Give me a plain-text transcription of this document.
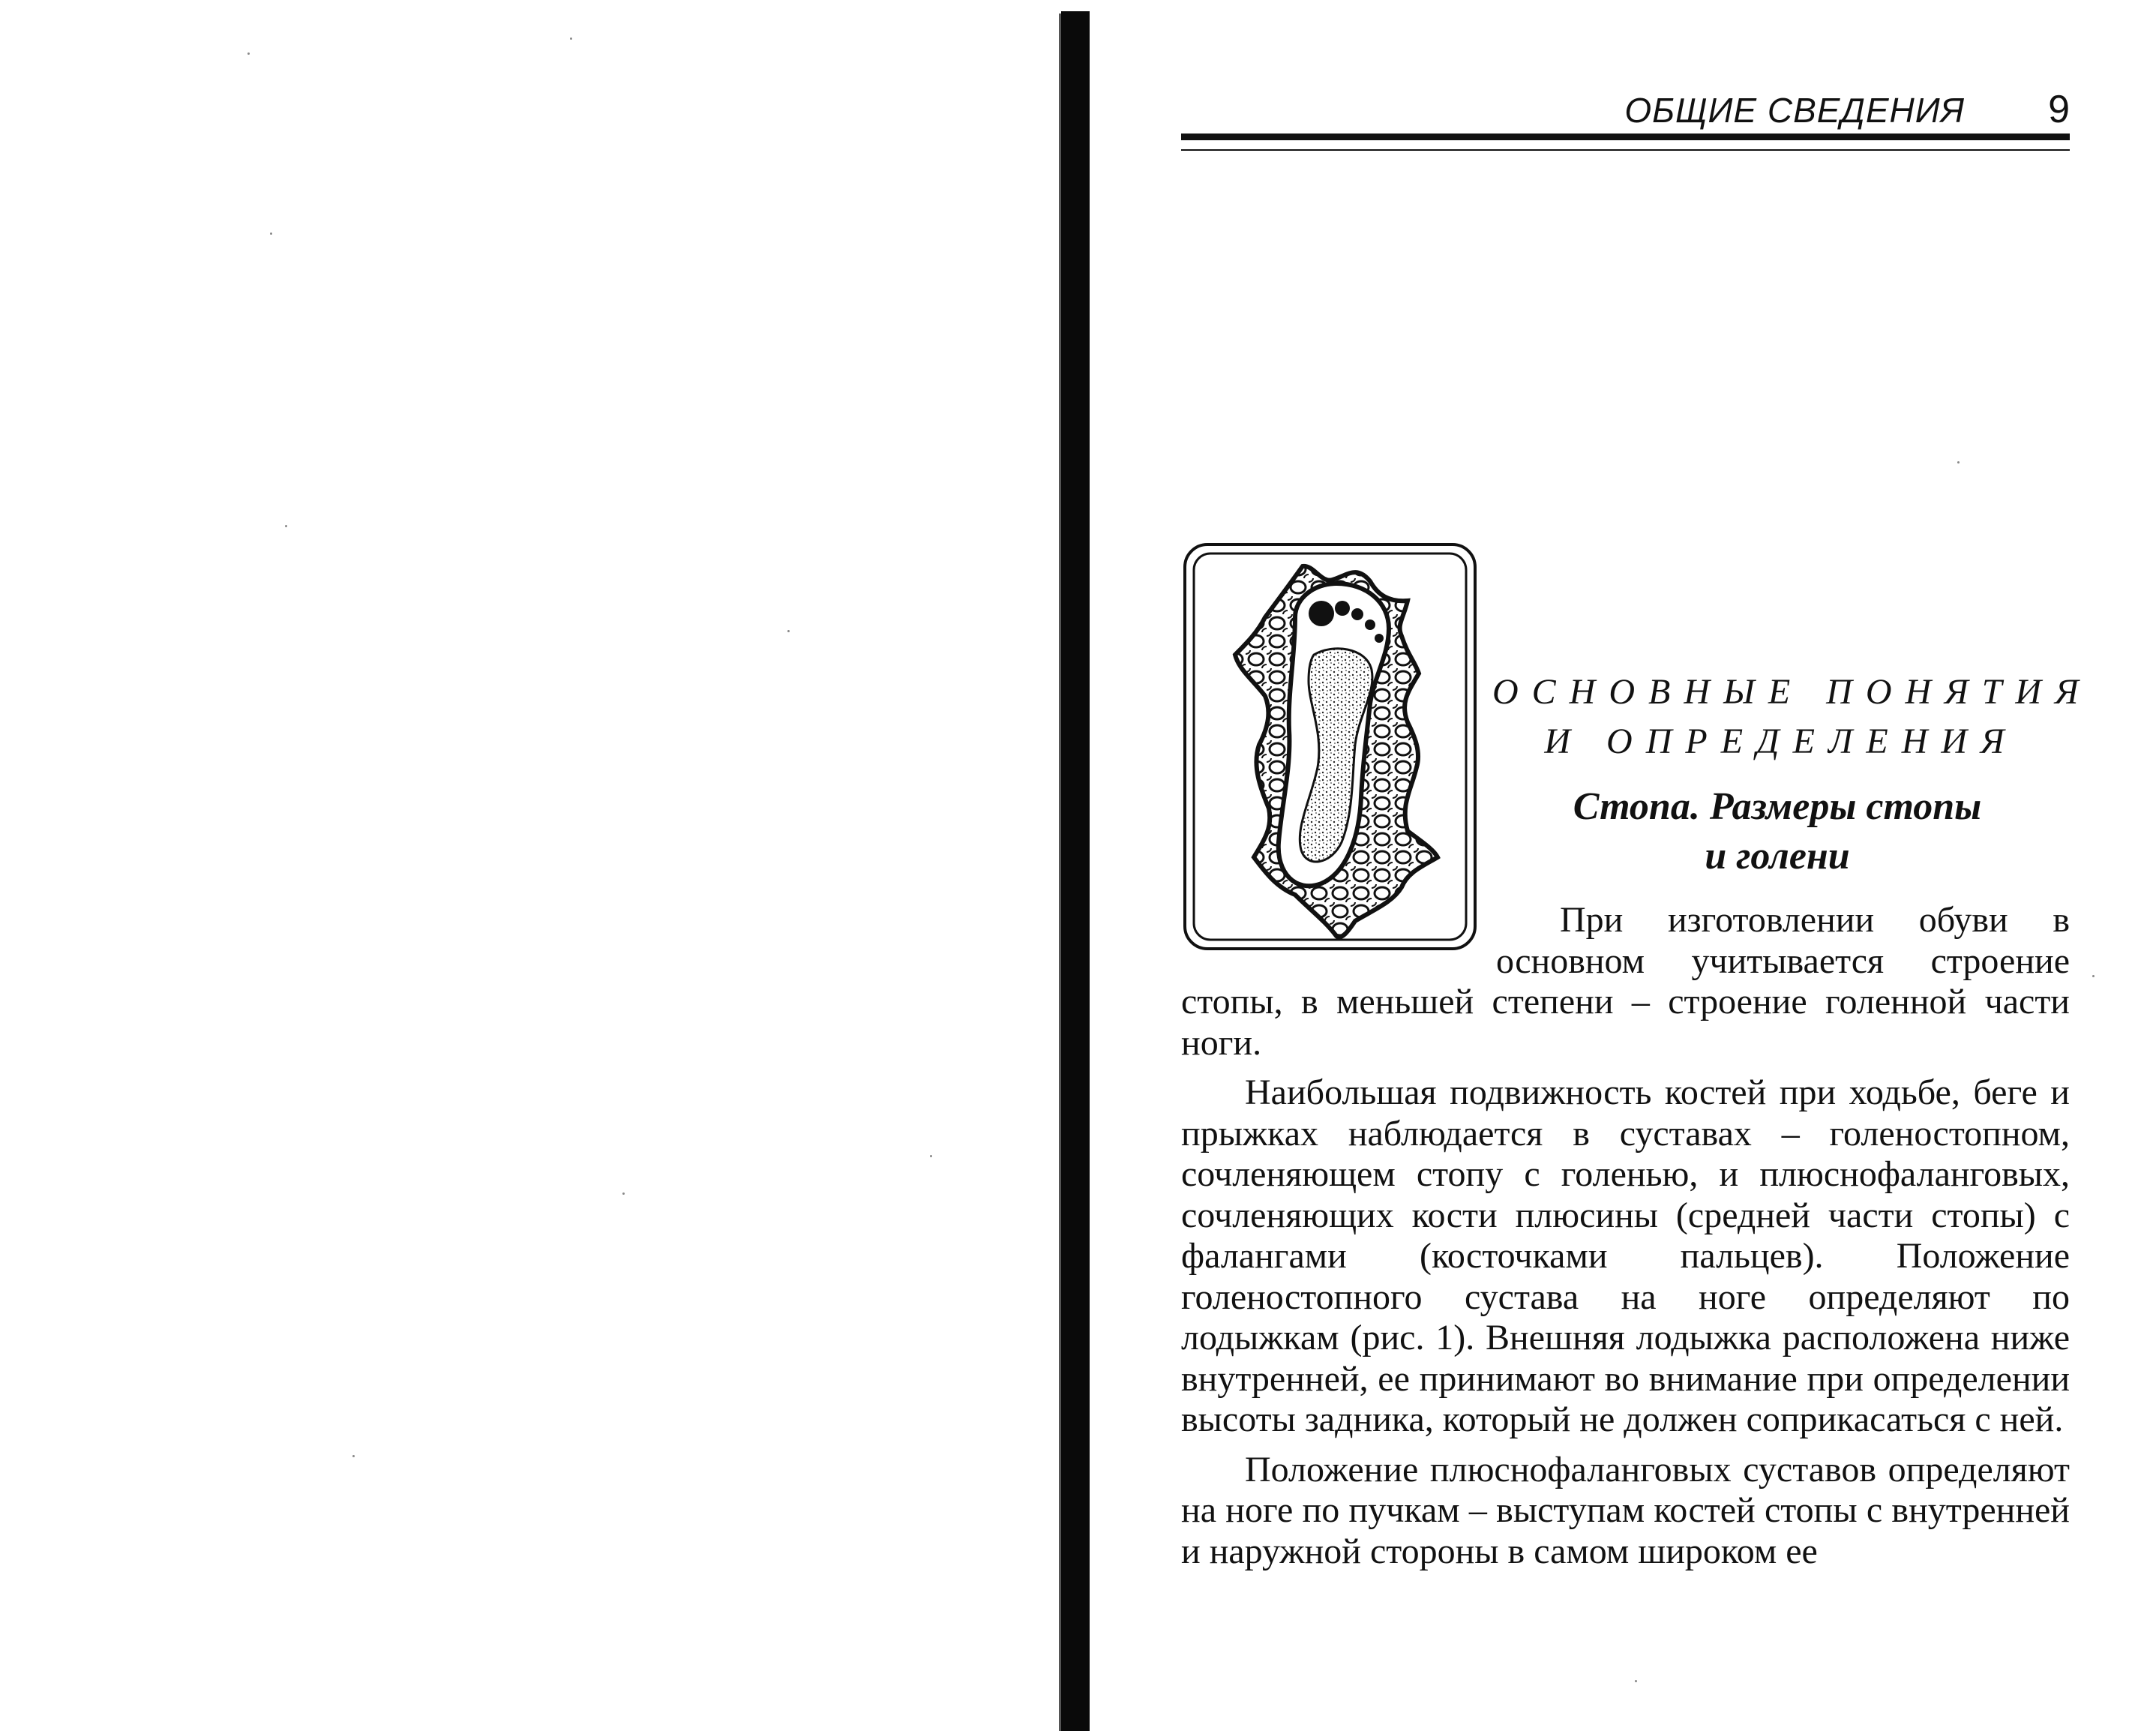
ОБЩИЕ СВЕДЕНИЯ 9
ОСНОВНЫЕ ПОНЯТИЯ
И ОПРЕДЕЛЕНИЯ
Стопа. Размеры стопы
и голени

При изготовлении обуви в основном учитывается строение стопы, в меньшей степени – строение голенной части ноги.

Наибольшая подвижность костей при ходьбе, беге и прыжках наблюдается в суставах – голеностопном, сочленяющем стопу с голенью, и плюснофаланговых, сочленяющих кости плюсины (средней части стопы) с фалангами (косточками пальцев). Положение голеностопного сустава на ноге определяют по лодыжкам (рис. 1). Внешняя лодыжка расположена ниже внутренней, ее принимают во внимание при определении высоты задника, который не должен соприкасаться с ней.

Положение плюснофаланговых суставов определяют на ноге по пучкам – выступам костей стопы с внутренней и наружной стороны в самом широком ее
